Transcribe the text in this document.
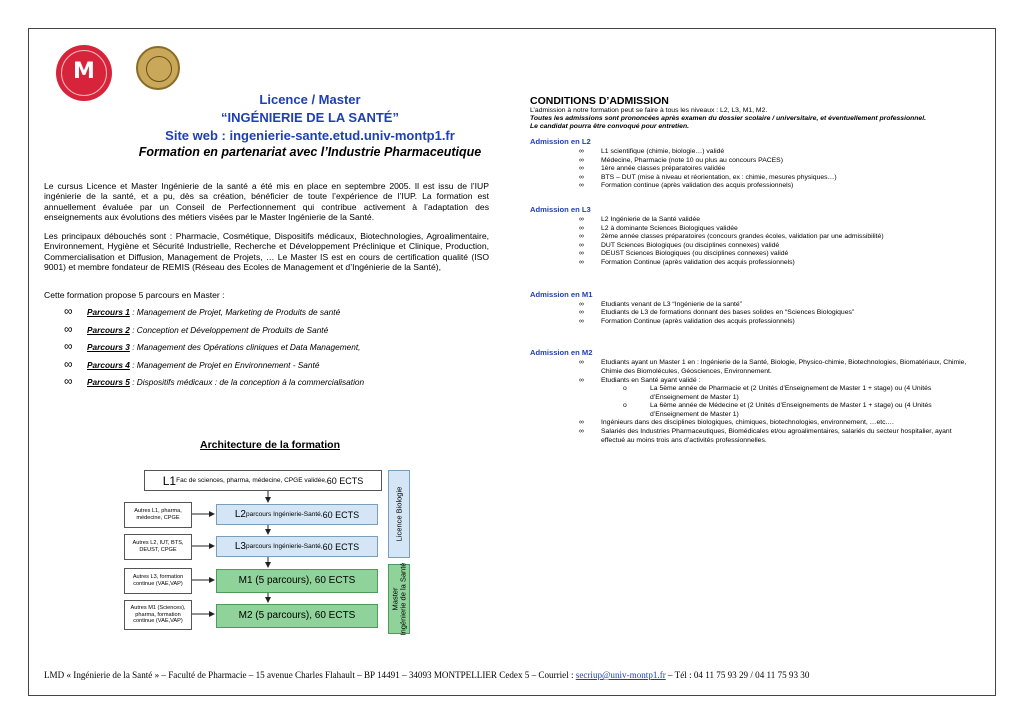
M
Licence / Master
“INGÉNIERIE DE LA SANTÉ”
Site web : ingenierie-sante.etud.univ-montp1.fr
Formation en partenariat avec l’Industrie Pharmaceutique
Le cursus Licence et Master Ingénierie de la santé a été mis en place en septembre 2005. Il est issu de l’IUP ingénierie de la santé, et a pu, dès sa création, bénéficier de toute l’expérience de l’IUP. La formation est annuellement évaluée par un Conseil de Perfectionnement qui contribue activement à l’adaptation des enseignements aux évolutions des métiers visées par le Master Ingénierie de la Santé.
Les principaux débouchés sont : Pharmacie, Cosmétique, Dispositifs médicaux, Biotechnologies, Agroalimentaire, Environnement, Hygiène et Sécurité Industrielle, Recherche et Développement Préclinique et Clinique, Production, Commercialisation et Diffusion, Management de Projets, … Le Master IS est en cours de certification qualité (ISO 9001) et membre fondateur de REMIS (Réseau des Ecoles de Management et d’Ingénierie de la Santé),
Cette formation propose 5 parcours en Master :
∞ Parcours 1 : Management de Projet, Marketing de Produits de santé
∞ Parcours 2 : Conception et Développement de Produits de Santé
∞ Parcours 3 : Management des Opérations cliniques et Data Management,
∞ Parcours 4 : Management de Projet en Environnement - Santé
∞ Parcours 5 : Dispositifs médicaux : de la conception à la commercialisation
Architecture de la formation
L1 Fac de sciences, pharma, médecine, CPGE validée, 60 ECTS
L2 parcours Ingénierie-Santé, 60 ECTS
L3 parcours Ingénierie-Santé, 60 ECTS
M1 (5 parcours), 60 ECTS
M2 (5 parcours), 60 ECTS
Autres L1, pharma, médecine, CPGE
Autres L2, IUT, BTS, DEUST, CPGE
Autres L3, formation continue (VAE,VAP)
Autres M1 (Sciences), pharma, formation continue (VAE,VAP)
Licence Biologie
Master
Ingénierie de la Santé
CONDITIONS D’ADMISSION
L’admission à notre formation peut se faire à tous les niveaux : L2, L3, M1, M2.
Toutes les admissions sont prononcées après examen du dossier scolaire / universitaire, et éventuellement professionnel.
Le candidat pourra être convoqué pour entretien.
Admission en L2
∞	L1 scientifique (chimie, biologie…) validé
∞	Médecine, Pharmacie (note 10 ou plus au concours PACES)
∞	1ère année classes préparatoires validée
∞	BTS – DUT (mise à niveau et réorientation, ex : chimie, mesures physiques…)
∞	Formation continue (après validation des acquis professionnels)
Admission en L3
∞	L2 Ingénierie de la Santé validée
∞	L2 à dominante Sciences Biologiques validée
∞	2ème année classes préparatoires (concours grandes écoles, validation par une admissibilité)
∞	DUT Sciences Biologiques (ou disciplines connexes) validé
∞	DEUST Sciences Biologiques (ou disciplines connexes) validé
∞	Formation Continue (après validation des acquis professionnels)
Admission en M1
∞	Etudiants venant de L3 “Ingénierie de la santé”
∞	Etudiants de L3 de formations donnant des bases solides en “Sciences Biologiques”
∞	Formation Continue (après validation des acquis professionnels)
Admission en M2
∞	Etudiants ayant un Master 1 en : Ingénierie de la Santé, Biologie, Physico-chimie, Biotechnologies, Biomatériaux, Chimie, Chimie des Biomolécules, Géosciences, Environnement.
∞	Etudiants en Santé ayant validé :
o	La 5ème année de Pharmacie et (2 Unités d’Enseignement de Master 1 + stage) ou (4 Unités d’Enseignement de Master 1)
o	La 6ème année de Médecine et (2 Unités d’Enseignements de Master 1 + stage) ou (4 Unités d’Enseignement de Master 1)
∞	Ingénieurs dans des disciplines biologiques, chimiques, biotechnologies, environnement, …etc.…
∞	Salariés des Industries Pharmaceutiques, Biomédicales et/ou agroalimentaires, salariés du secteur hospitalier, ayant effectué au moins trois ans d’activités professionnelles.
LMD « Ingénierie de la Santé » – Faculté de Pharmacie – 15 avenue Charles Flahault – BP 14491 – 34093 MONTPELLIER Cedex 5 – Courriel : secriup@univ-montp1.fr – Tél : 04 11 75 93 29 / 04 11 75 93 30
